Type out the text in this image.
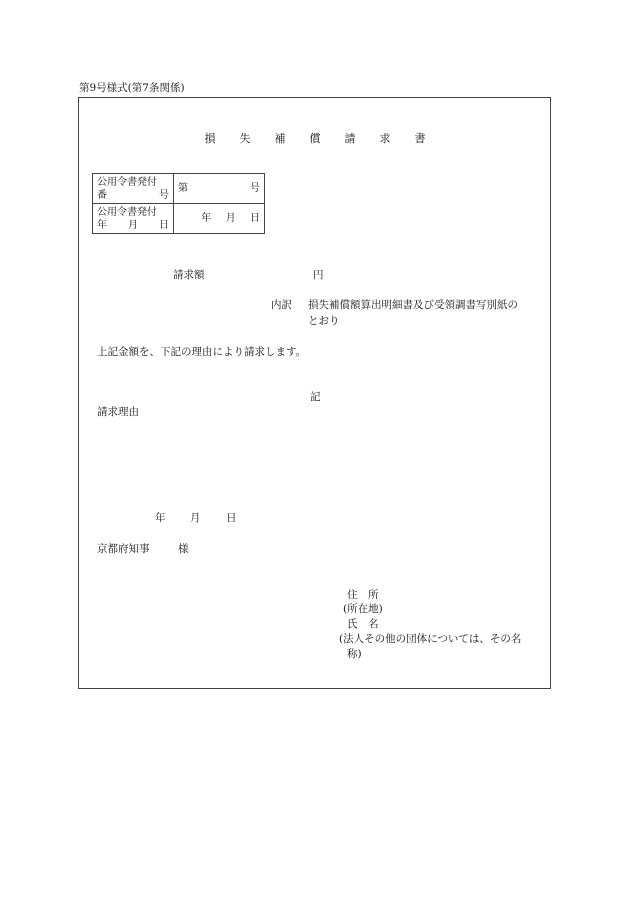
第9号様式(第7条関係)
損 失 補 償 請 求 書
公用令書発付
番 号	第 号

公用令書発付
年 月 日	年 月 日
請求額	円
内訳 損失補償額算出明細書及び受領調書写別紙の
とおり
上記金額を、下記の理由により請求します。
記
請求理由
年 月 日
京都府知事	様
住　所
(所在地)
氏　名
(法人その他の団体については、その名
称)
